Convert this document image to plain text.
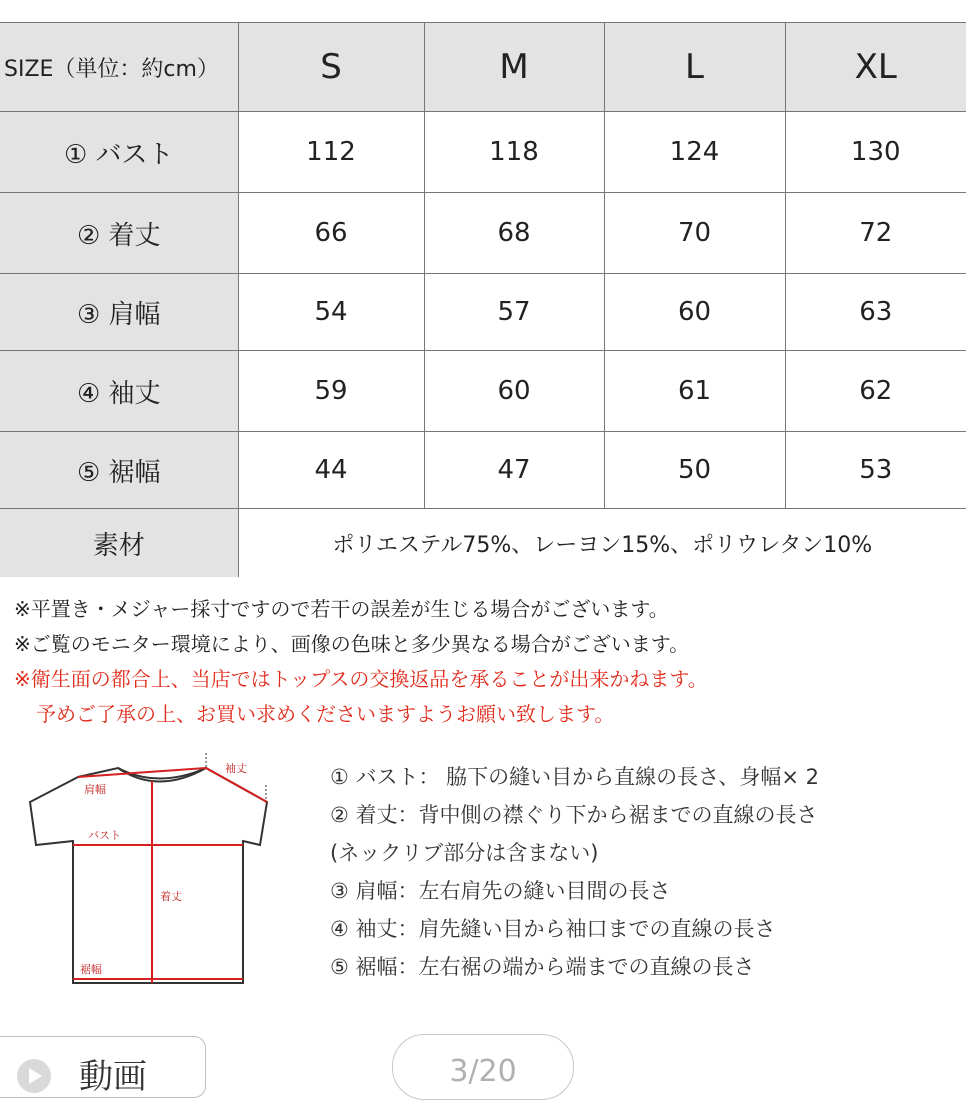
SIZE（単位：約cm）	S	M	L	XL
① バスト	112	118	124	130
② 着丈	66	68	70	72
③ 肩幅	54	57	60	63
④ 袖丈	59	60	61	62
⑤ 裾幅	44	47	50	53
素材	ポリエステル75%、レーヨン15%、ポリウレタン10%			
※平置き・メジャー採寸ですので若干の誤差が生じる場合がございます。
※ご覧のモニター環境により、画像の色味と多少異なる場合がございます。
※衛生面の都合上、当店ではトップスの交換返品を承ることが出来かねます。
予めご了承の上、お買い求めくださいますようお願い致します。
袖丈
肩幅
バスト
着丈
裾幅
① バスト： 脇下の縫い目から直線の長さ、身幅× 2
② 着丈：背中側の襟ぐり下から裾までの直線の長さ
(ネックリブ部分は含まない)
③ 肩幅：左右肩先の縫い目間の長さ
④ 袖丈：肩先縫い目から袖口までの直線の長さ
⑤ 裾幅：左右裾の端から端までの直線の長さ
動画	3/20
